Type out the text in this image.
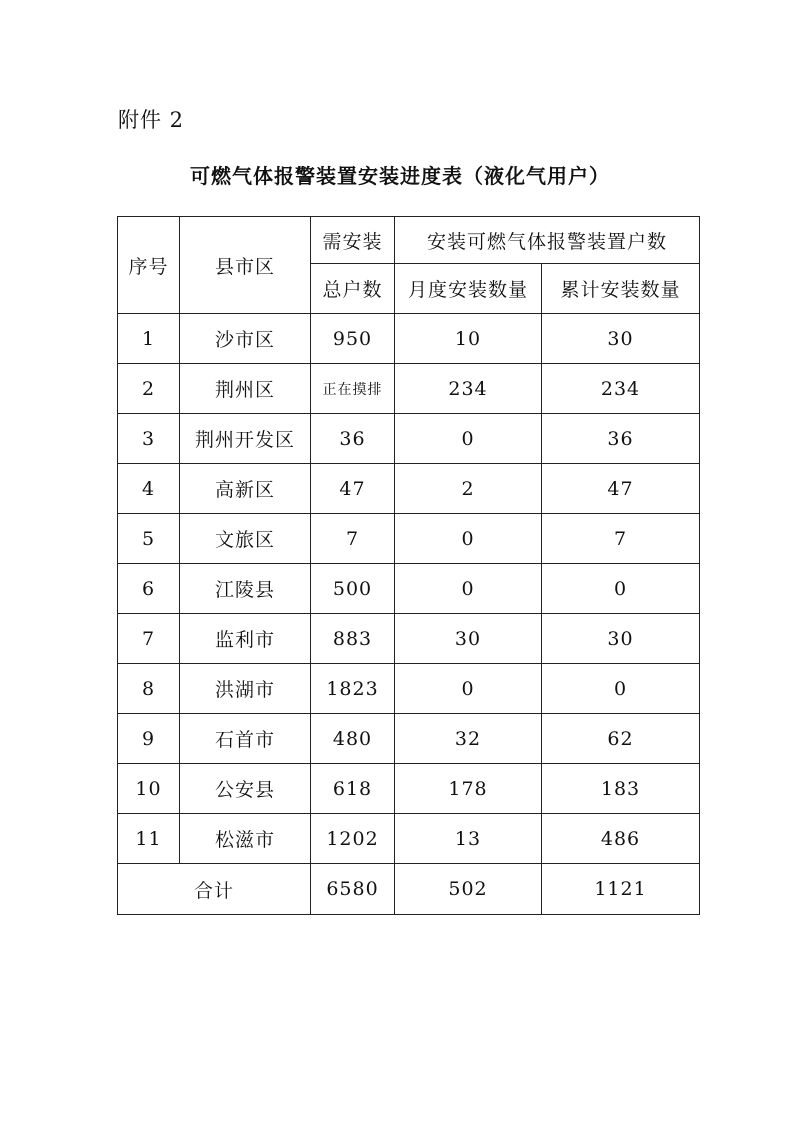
附件 2
可燃气体报警装置安装进度表（液化气用户）
序号	县市区	需安装	安装可燃气体报警装置户数	
		总户数	月度安装数量	累计安装数量
1	沙市区	950	10	30
2	荆州区	正在摸排	234	234
3	荆州开发区	36	0	36
4	高新区	47	2	47
5	文旅区	7	0	7
6	江陵县	500	0	0
7	监利市	883	30	30
8	洪湖市	1823	0	0
9	石首市	480	32	62
10	公安县	618	178	183
11	松滋市	1202	13	486
合计		6580	502	1121
